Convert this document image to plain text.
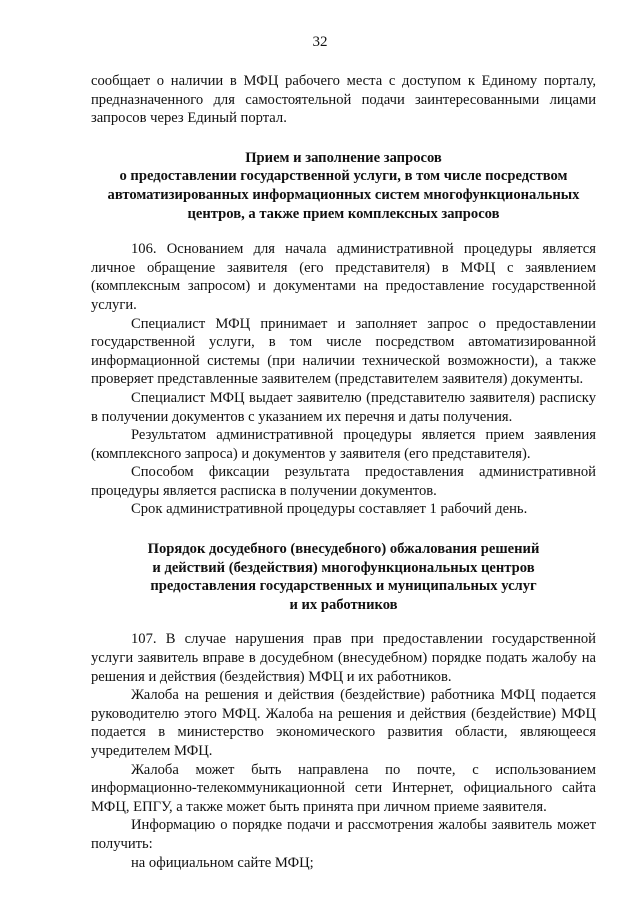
32

сообщает о наличии в МФЦ рабочего места с доступом к Единому порталу, предназначенного для самостоятельной подачи заинтересованными лицами запросов через Единый портал.

Прием и заполнение запросов
о предоставлении государственной услуги, в том числе посредством
автоматизированных информационных систем многофункциональных
центров, а также прием комплексных запросов

106. Основанием для начала административной процедуры является личное обращение заявителя (его представителя) в МФЦ с заявлением (комплексным запросом) и документами на предоставление государственной услуги.

Специалист МФЦ принимает и заполняет запрос о предоставлении государственной услуги, в том числе посредством автоматизированной информационной системы (при наличии технической возможности), а также проверяет представленные заявителем (представителем заявителя) документы.

Специалист МФЦ выдает заявителю (представителю заявителя) расписку в получении документов с указанием их перечня и даты получения.

Результатом административной процедуры является прием заявления (комплексного запроса) и документов у заявителя (его представителя).

Способом фиксации результата предоставления административной процедуры является расписка в получении документов.

Срок административной процедуры составляет 1 рабочий день.

Порядок досудебного (внесудебного) обжалования решений
и действий (бездействия) многофункциональных центров
предоставления государственных и муниципальных услуг
и их работников

107. В случае нарушения прав при предоставлении государственной услуги заявитель вправе в досудебном (внесудебном) порядке подать жалобу на решения и действия (бездействия) МФЦ и их работников.

Жалоба на решения и действия (бездействие) работника МФЦ подается руководителю этого МФЦ. Жалоба на решения и действия (бездействие) МФЦ подается в министерство экономического развития области, являющееся учредителем МФЦ.

Жалоба может быть направлена по почте, с использованием информационно-телекоммуникационной сети Интернет, официального сайта МФЦ, ЕПГУ, а также может быть принята при личном приеме заявителя.

Информацию о порядке подачи и рассмотрения жалобы заявитель может получить:

на официальном сайте МФЦ;
